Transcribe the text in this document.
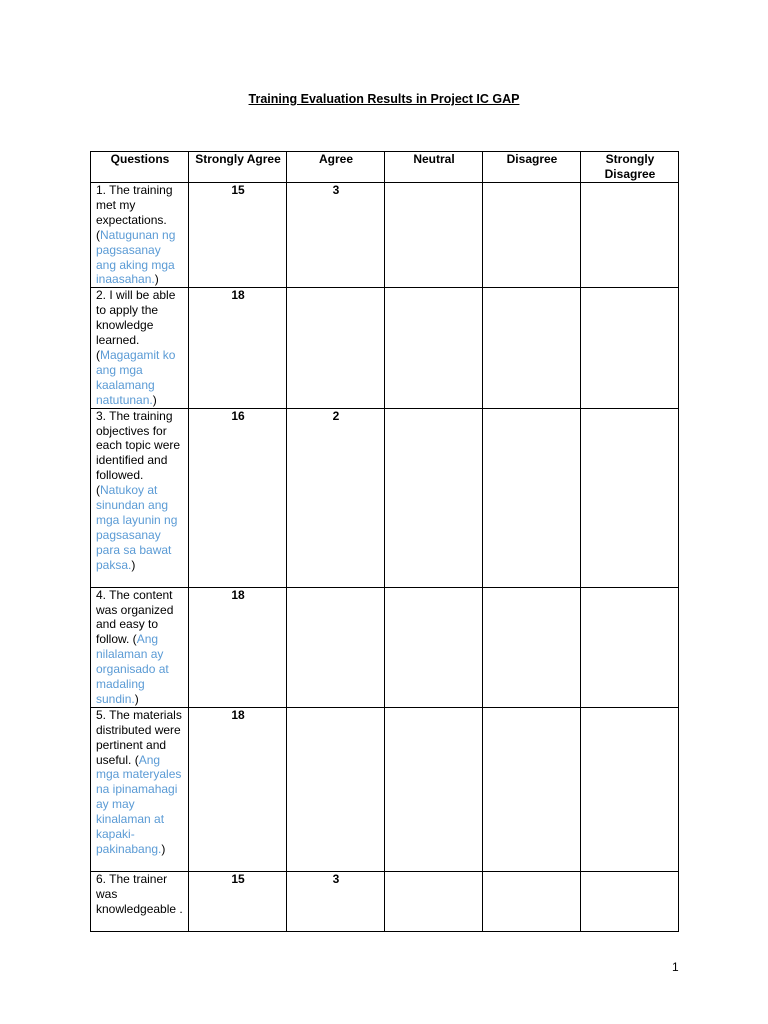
Training Evaluation Results in Project IC GAP
Questions	Strongly Agree	Agree	Neutral	Disagree	Strongly Disagree
1. The training met my expectations.(Natugunan ng pagsasanay ang aking mga inaasahan.)	15	3			
2. I will be able to apply the knowledge learned. (Magagamit ko ang mga kaalamang natutunan.)	18				
3. The training objectives for each topic were identified and followed. (Natukoy at sinundan ang mga layunin ng pagsasanay para sa bawat paksa.)	16	2			
4. The content was organized and easy to follow. (Ang nilalaman ay organisado at madaling sundin.)	18				
5. The materials distributed were pertinent and useful. (Ang mga materyales na ipinamahagi ay may kinalaman at kapaki-pakinabang.)	18				
6. The trainer was knowledgeable .	15	3			
1
